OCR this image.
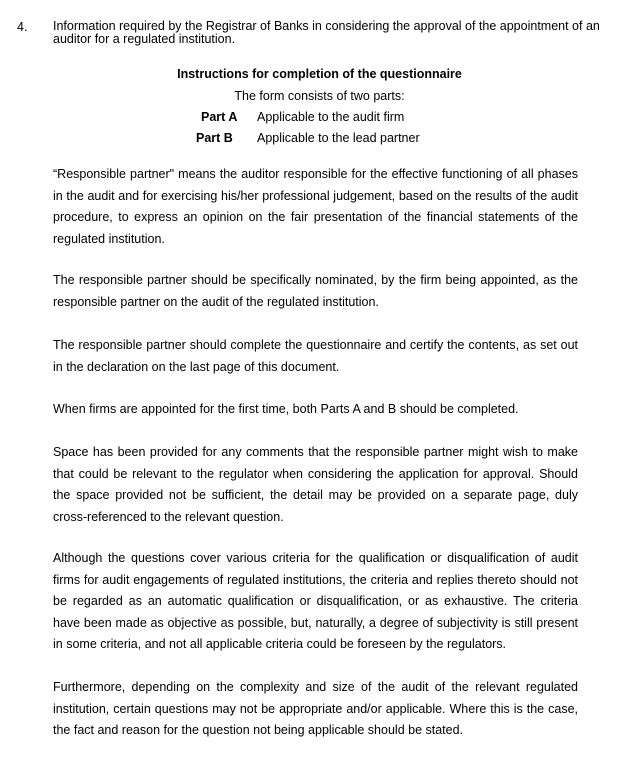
4. Information required by the Registrar of Banks in considering the approval of the appointment of an auditor for a regulated institution.
Instructions for completion of the questionnaire
The form consists of two parts:
Part A Applicable to the audit firm
Part B Applicable to the lead partner

“Responsible partner" means the auditor responsible for the effective functioning of all phases in the audit and for exercising his/her professional judgement, based on the results of the audit procedure, to express an opinion on the fair presentation of the financial statements of the regulated institution.

The responsible partner should be specifically nominated, by the firm being appointed, as the responsible partner on the audit of the regulated institution.

The responsible partner should complete the questionnaire and certify the contents, as set out in the declaration on the last page of this document.

When firms are appointed for the first time, both Parts A and B should be completed.

Space has been provided for any comments that the responsible partner might wish to make that could be relevant to the regulator when considering the application for approval. Should the space provided not be sufficient, the detail may be provided on a separate page, duly cross-referenced to the relevant question.

Although the questions cover various criteria for the qualification or disqualification of audit firms for audit engagements of regulated institutions, the criteria and replies thereto should not be regarded as an automatic qualification or disqualification, or as exhaustive. The criteria have been made as objective as possible, but, naturally, a degree of subjectivity is still present in some criteria, and not all applicable criteria could be foreseen by the regulators.

Furthermore, depending on the complexity and size of the audit of the relevant regulated institution, certain questions may not be appropriate and/or applicable. Where this is the case, the fact and reason for the question not being applicable should be stated.
